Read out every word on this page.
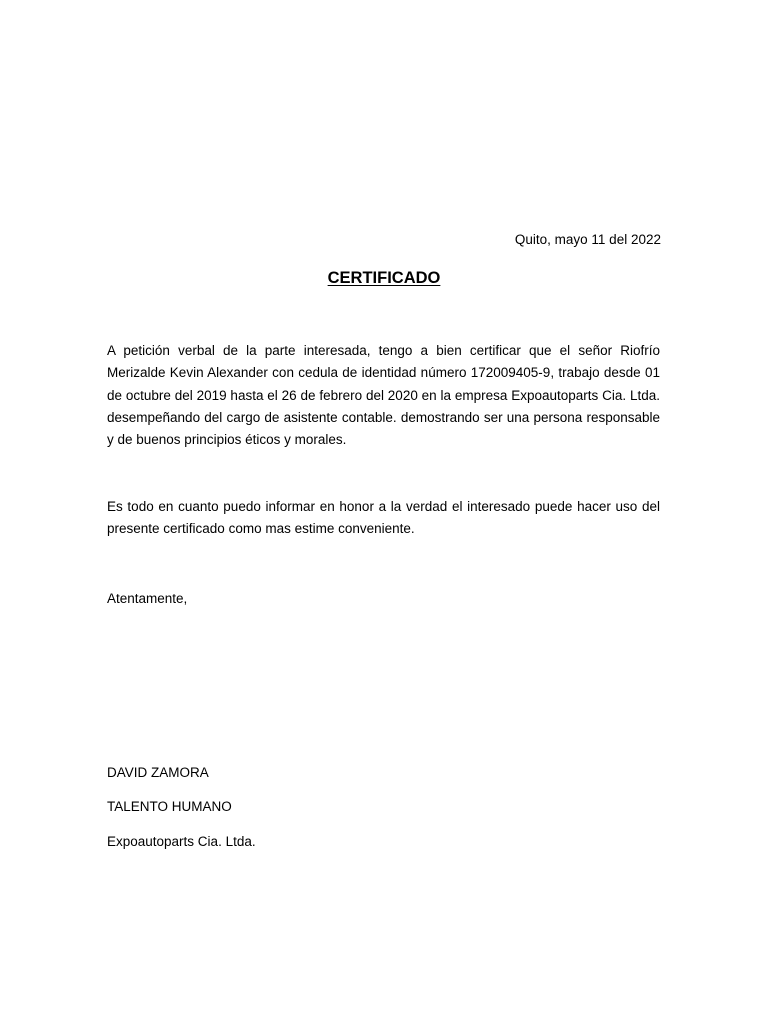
Quito, mayo 11 del 2022
CERTIFICADO
A petición verbal de la parte interesada, tengo a bien certificar que el señor Riofrío Merizalde Kevin Alexander con cedula de identidad número 172009405-9, trabajo desde 01 de octubre del 2019 hasta el 26 de febrero del 2020 en la empresa Expoautoparts Cia. Ltda. desempeñando del cargo de asistente contable. demostrando ser una persona responsable y de buenos principios éticos y morales.
Es todo en cuanto puedo informar en honor a la verdad el interesado puede hacer uso del presente certificado como mas estime conveniente.
Atentamente,
DAVID ZAMORA
TALENTO HUMANO
Expoautoparts Cia. Ltda.
